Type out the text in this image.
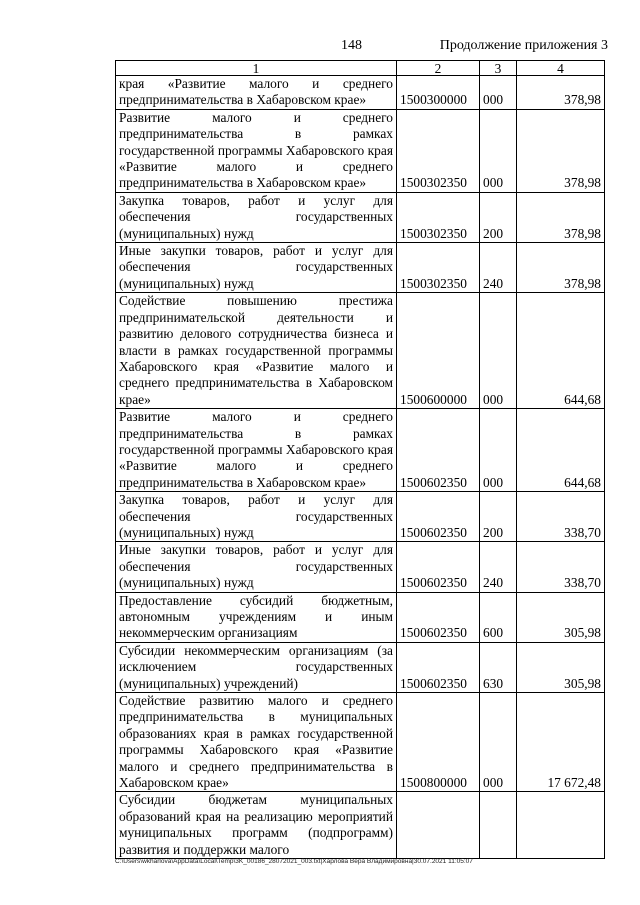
148	Продолжение приложения 3
1	2	3	4
края «Развитие малого и среднего предпринимательства в Хабаровском крае»	1500300000	000	378,98
Развитие малого и среднего предпринимательства в рамках государственной программы Хабаровского края «Развитие малого и среднего предпринимательства в Хабаровском крае»	1500302350	000	378,98
Закупка товаров, работ и услуг для обеспечения государственных (муниципальных) нужд	1500302350	200	378,98
Иные закупки товаров, работ и услуг для обеспечения государственных (муниципальных) нужд	1500302350	240	378,98
Содействие повышению престижа предпринимательской деятельности и развитию делового сотрудничества бизнеса и власти в рамках государственной программы Хабаровского края «Развитие малого и среднего предпринимательства в Хабаровском крае»	1500600000	000	644,68
Развитие малого и среднего предпринимательства в рамках государственной программы Хабаровского края «Развитие малого и среднего предпринимательства в Хабаровском крае»	1500602350	000	644,68
Закупка товаров, работ и услуг для обеспечения государственных (муниципальных) нужд	1500602350	200	338,70
Иные закупки товаров, работ и услуг для обеспечения государственных (муниципальных) нужд	1500602350	240	338,70
Предоставление субсидий бюджетным, автономным учреждениям и иным некоммерческим организациям	1500602350	600	305,98
Субсидии некоммерческим организациям (за исключением государственных (муниципальных) учреждений)	1500602350	630	305,98
Содействие развитию малого и среднего предпринимательства в муниципальных образованиях края в рамках государственной программы Хабаровского края «Развитие малого и среднего предпринимательства в Хабаровском крае»	1500800000	000	17 672,48
Субсидии бюджетам муниципальных образований края на реализацию мероприятий муниципальных программ (подпрограмм) развития и поддержки малого			
C:\Users\wkharlova\AppData\Local\Temp\3K_00186_28072021_003.txt|Харлова Вера Владимировна|30.07.2021 11:05:07
